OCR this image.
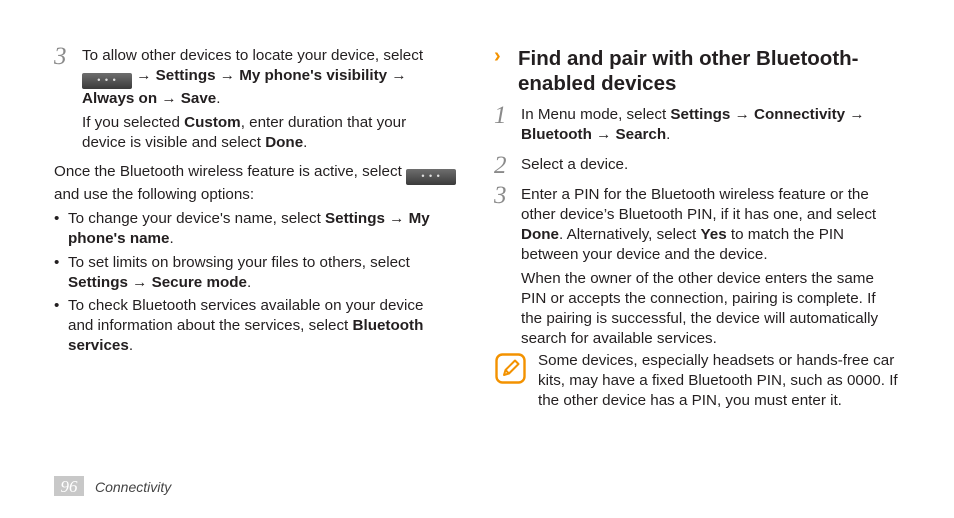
3 To allow other devices to locate your device, select
• • • → Settings → My phone's visibility →
Always on → Save.
If you selected Custom, enter duration that your
device is visible and select Done.
Once the Bluetooth wireless feature is active, select • • •
and use the following options:
• To change your device's name, select Settings → My
phone's name.
• To set limits on browsing your files to others, select
Settings → Secure mode.
• To check Bluetooth services available on your device
and information about the services, select Bluetooth
services.
› Find and pair with other Bluetooth-
enabled devices
1 In Menu mode, select Settings → Connectivity →
Bluetooth → Search.
2 Select a device.
3 Enter a PIN for the Bluetooth wireless feature or the
other device’s Bluetooth PIN, if it has one, and select
Done. Alternatively, select Yes to match the PIN
between your device and the device.
When the owner of the other device enters the same
PIN or accepts the connection, pairing is complete. If
the pairing is successful, the device will automatically
search for available services.
Some devices, especially headsets or hands-free car
kits, may have a fixed Bluetooth PIN, such as 0000. If
the other device has a PIN, you must enter it.
96	Connectivity
